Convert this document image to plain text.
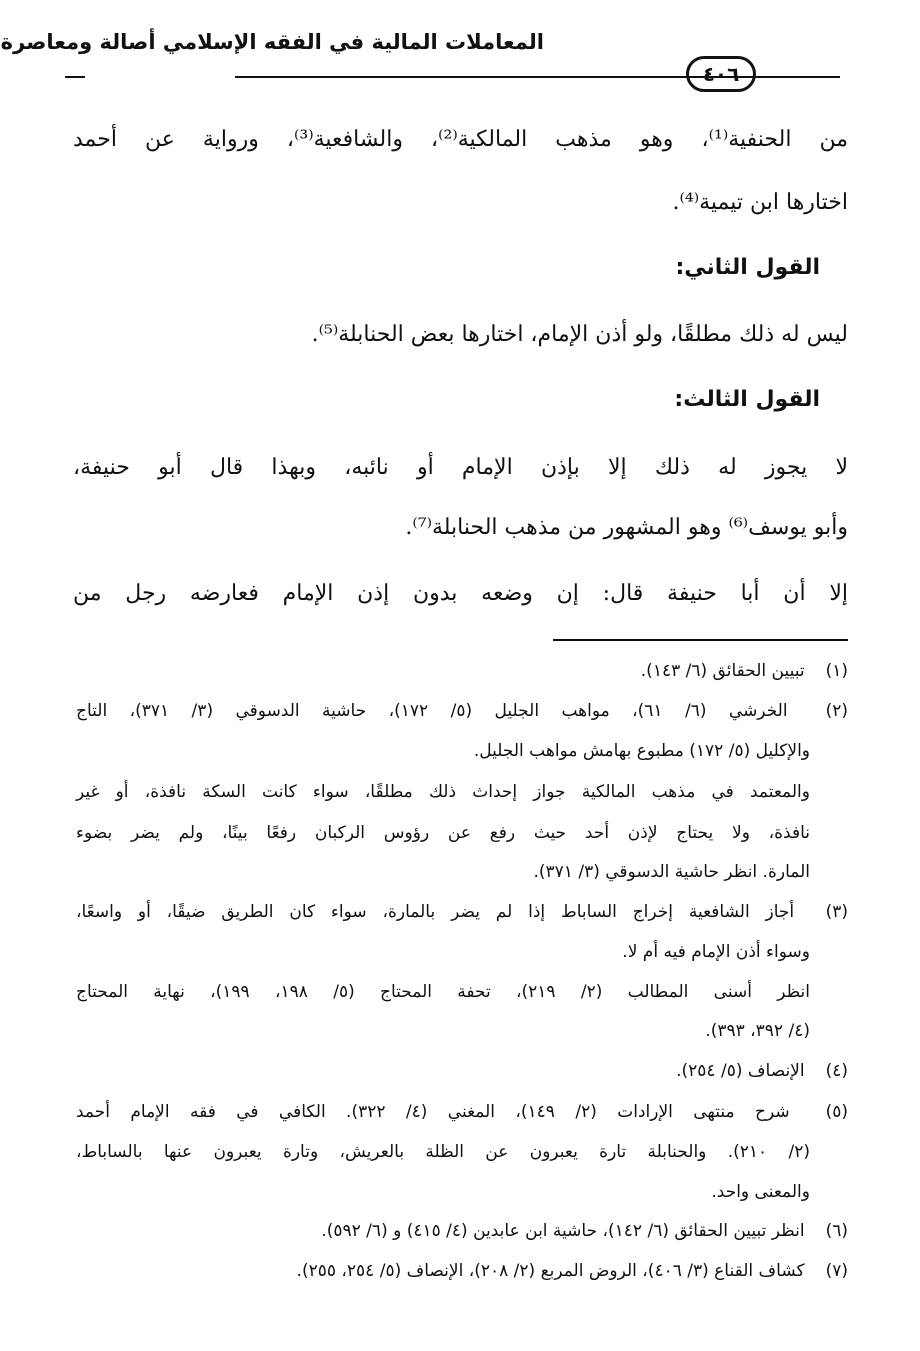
المعاملات المالية في الفقه الإسلامي أصالة ومعاصرة
٤٠٦
من الحنفية⁽¹⁾، وهو مذهب المالكية⁽²⁾، والشافعية⁽³⁾، ورواية عن أحمد
اختارها ابن تيمية⁽⁴⁾.
القول الثاني:
ليس له ذلك مطلقًا، ولو أذن الإمام، اختارها بعض الحنابلة⁽⁵⁾.
القول الثالث:
لا يجوز له ذلك إلا بإذن الإمام أو نائبه، وبهذا قال أبو حنيفة،
وأبو يوسف⁽⁶⁾ وهو المشهور من مذهب الحنابلة⁽⁷⁾.
إلا أن أبا حنيفة قال: إن وضعه بدون إذن الإمام فعارضه رجل من
(١) تبيين الحقائق (٦/ ١٤٣).
(٢) الخرشي (٦/ ٦١)، مواهب الجليل (٥/ ١٧٢)، حاشية الدسوقي (٣/ ٣٧١)، التاج
والإكليل (٥/ ١٧٢) مطبوع بهامش مواهب الجليل.
والمعتمد في مذهب المالكية جواز إحداث ذلك مطلقًا، سواء كانت السكة نافذة، أو غير
نافذة، ولا يحتاج لإذن أحد حيث رفع عن رؤوس الركبان رفعًا بينًا، ولم يضر بضوء
المارة. انظر حاشية الدسوقي (٣/ ٣٧١).
(٣) أجاز الشافعية إخراج الساباط إذا لم يضر بالمارة، سواء كان الطريق ضيقًا، أو واسعًا،
وسواء أذن الإمام فيه أم لا.
انظر أسنى المطالب (٢/ ٢١٩)، تحفة المحتاج (٥/ ١٩٨، ١٩٩)، نهاية المحتاج
(٤/ ٣٩٢، ٣٩٣).
(٤) الإنصاف (٥/ ٢٥٤).
(٥) شرح منتهى الإرادات (٢/ ١٤٩)، المغني (٤/ ٣٢٢). الكافي في فقه الإمام أحمد
(٢/ ٢١٠). والحنابلة تارة يعبرون عن الظلة بالعريش، وتارة يعبرون عنها بالساباط،
والمعنى واحد.
(٦) انظر تبيين الحقائق (٦/ ١٤٢)، حاشية ابن عابدين (٤/ ٤١٥) و (٦/ ٥٩٢).
(٧) كشاف القناع (٣/ ٤٠٦)، الروض المربع (٢/ ٢٠٨)، الإنصاف (٥/ ٢٥٤، ٢٥٥).
